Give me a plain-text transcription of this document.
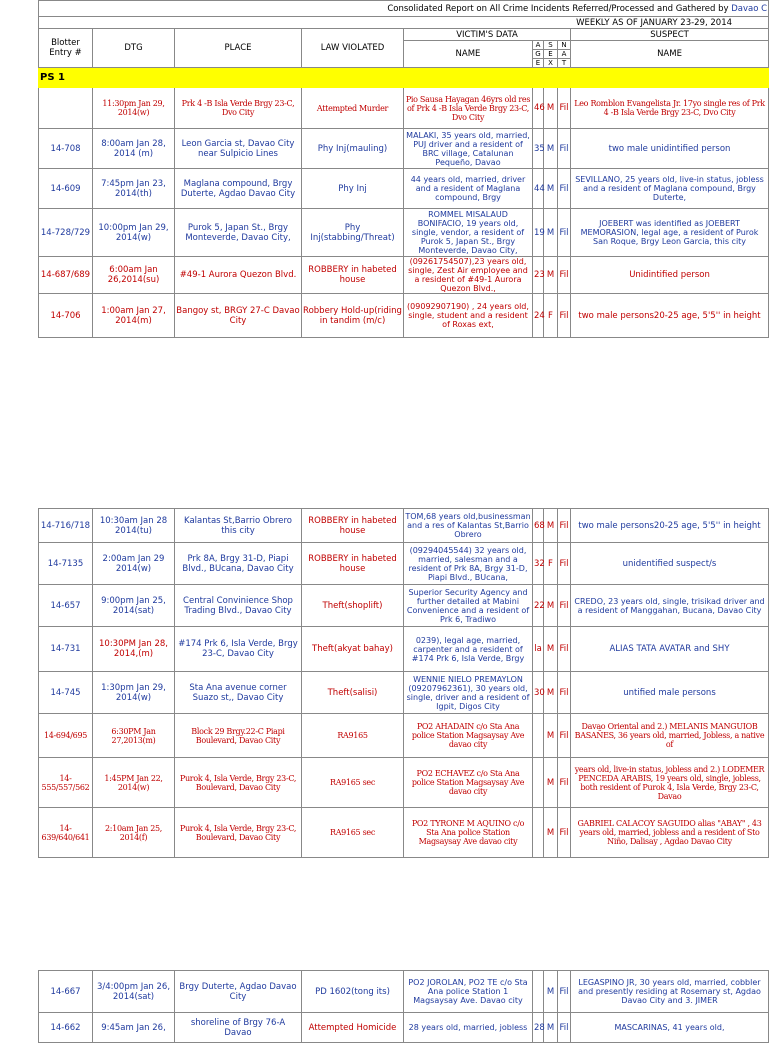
Consolidated Report on All Crime Incidents Referred/Processed and Gathered by Davao C								
WEEKLY AS OF JANUARY 23-29, 2014								
Blotter Entry #	DTG	PLACE	LAW VIOLATED	VICTIM'S DATA				SUSPECT
				NAME	A	S	N	NAME
					G	E	A	
					E	X	T	
PS 1								
	11:30pm Jan 29, 2014(w)	Prk 4 -B Isla Verde Brgy 23-C, Dvo City	Attempted Murder	Pio Sausa Hayagan 46yrs old res of Prk 4 -B Isla Verde Brgy 23-C, Dvo City	46	M	Fil	Leo Romblon Evangelista Jr. 17yo single res of Prk 4 -B Isla Verde Brgy 23-C, Dvo City
14-708	8:00am Jan 28, 2014 (m)	Leon Garcia st, Davao City near Sulpicio Lines	Phy Inj(mauling)	MALAKI, 35 years old, married, PUJ driver and a resident of BRC village, Catalunan Pequeño, Davao	35	M	Fil	two male unidintified person
14-609	7:45pm Jan 23, 2014(th)	Maglana compound, Brgy Duterte, Agdao Davao City	Phy Inj	44 years old, married, driver and a resident of Maglana compound, Brgy	44	M	Fil	SEVILLANO, 25 years old, live-in status, jobless and a resident of Maglana compound, Brgy Duterte,
14-728/729	10:00pm Jan 29, 2014(w)	Purok 5, Japan St., Brgy Monteverde, Davao City,	Phy Inj(stabbing/Threat)	ROMMEL MISALAUD BONIFACIO, 19 years old, single, vendor, a resident of Purok 5, Japan St., Brgy Monteverde, Davao City,	19	M	Fil	JOEBERT was identified as JOEBERT MEMORASION, legal age, a resident of Purok San Roque, Brgy Leon Garcia, this city
14-687/689	6:00am Jan 26,2014(su)	#49-1 Aurora Quezon Blvd.	ROBBERY in habeted house	(09261754507),23 years old, single, Zest Air employee and a resident of #49-1 Aurora Quezon Blvd.,	23	M	Fil	Unidintified person
14-706	1:00am Jan 27, 2014(m)	Bangoy st, BRGY 27-C Davao City	Robbery Hold-up(riding in tandim (m/c)	(09092907190) , 24 years old, single, student and a resident of Roxas ext,	24	F	Fil	two male persons20-25 age, 5'5'' in height
14-716/718	10:30am Jan 28 2014(tu)	Kalantas St,Barrio Obrero this city	ROBBERY in habeted house	TOM,68 years old,businessman and a res of Kalantas St,Barrio Obrero	68	M	Fil	two male persons20-25 age, 5'5'' in height
14-7135	2:00am Jan 29 2014(w)	Prk 8A, Brgy 31-D, Piapi Blvd., BUcana, Davao City	ROBBERY in habeted house	(09294045544) 32 years old, married, salesman and a resident of Prk 8A, Brgy 31-D, Piapi Blvd., BUcana,	32	F	Fil	unidentified suspect/s
14-657	9:00pm Jan 25, 2014(sat)	Central Convinience Shop Trading Blvd., Davao City	Theft(shoplift)	Superior Security Agency and further detailed at Mabini Convenience and a resident of Prk 6, Tradiwo	22	M	Fil	CREDO, 23 years old, single, trisikad driver and a resident of Manggahan, Bucana, Davao City
14-731	10:30PM Jan 28, 2014,(m)	#174 Prk 6, Isla Verde, Brgy 23-C, Davao City	Theft(akyat bahay)	0239), legal age, married, carpenter and a resident of #174 Prk 6, Isla Verde, Brgy	la	M	Fil	ALIAS TATA AVATAR and SHY
14-745	1:30pm Jan 29, 2014(w)	Sta Ana avenue corner Suazo st,, Davao City	Theft(salisi)	WENNIE NIELO PREMAYLON (09207962361), 30 years old, single, driver and a resident of Igpit, Digos City	30	M	Fil	untified male persons
14-694/695	6:30PM Jan 27,2013(m)	Block 29 Brgy.22-C Piapi Boulevard, Davao City	RA9165	PO2 AHADAIN c/o Sta Ana police Station Magsaysay Ave davao city		M	Fil	Davao Oriental and 2.) MELANIS MANGUIOB BASAÑES, 36 years old, married, Jobless, a native of
14-555/557/562	1:45PM Jan 22, 2014(w)	Purok 4, Isla Verde, Brgy 23-C, Boulevard, Davao City	RA9165 sec	PO2 ECHAVEZ c/o Sta Ana police Station Magsaysay Ave davao city		M	Fil	years old, live-in status, jobless and 2.) LODEMER PENCEDA ARABIS, 19 years old, single, jobless, both resident of Purok 4, Isla Verde, Brgy 23-C, Davao
14-639/640/641	2:10am Jan 25, 2014(f)	Purok 4, Isla Verde, Brgy 23-C, Boulevard, Davao City	RA9165 sec	PO2 TYRONE M AQUINO c/o Sta Ana police Station Magsaysay Ave davao city		M	Fil	GABRIEL CALACOY SAGUIDO alias "ABAY" , 43 years old, married, jobless and a resident of Sto Niño, Dalisay , Agdao Davao City
14-667	3/4:00pm Jan 26, 2014(sat)	Brgy Duterte, Agdao Davao City	PD 1602(tong its)	PO2 JOROLAN, PO2 TE c/o Sta Ana police Station 1 Magsaysay Ave. Davao city		M	Fil	LEGASPINO JR, 30 years old, married, cobbler and presently residing at Rosemary st, Agdao Davao City and 3. JIMER
14-662	9:45am Jan 26,	shoreline of Brgy 76-A Davao	Attempted Homicide	28 years old, married, jobless	28	M	Fil	MASCARINAS, 41 years old,
